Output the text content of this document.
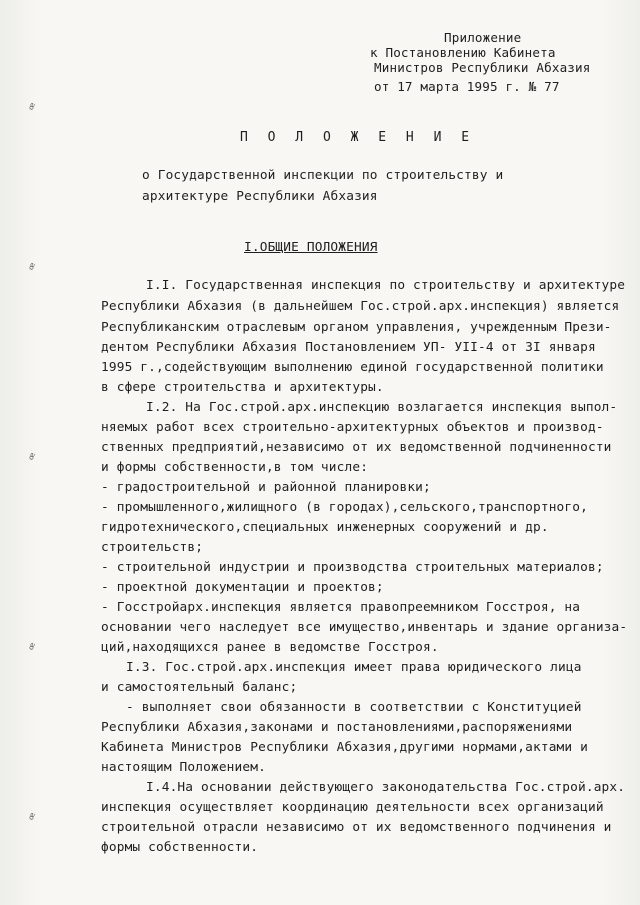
Приложение
к Постановлению Кабинета
Министров Республики Абхазия
от 17 марта 1995 г. № 77
П О Л О Ж Е Н И Е
о Государственной инспекции по строительству и
архитектуре Республики Абхазия
I.ОБЩИЕ ПОЛОЖЕНИЯ
I.I. Государственная инспекция по строительству и архитектуре
Республики Абхазия (в дальнейшем Гос.строй.арх.инспекция) является
Республиканским отраслевым органом управления, учрежденным Прези-
дентом Республики Абхазия Постановлением УП- УII-4 от 3I января
1995 г.,содействующим выполнению единой государственной политики
в сфере строительства и архитектуры.
I.2. На Гос.строй.арх.инспекцию возлагается инспекция выпол-
няемых работ всех строительно-архитектурных объектов и производ-
ственных предприятий,независимо от их ведомственной подчиненности
и формы собственности,в том числе:
- градостроительной и районной планировки;
- промышленного,жилищного (в городах),сельского,транспортного,
гидротехнического,специальных инженерных сооружений и др.
строительств;
- строительной индустрии и производства строительных материалов;
- проектной документации и проектов;
- Госстройарх.инспекция является правопреемником Госстроя, на
основании чего наследует все имущество,инвентарь и здание организа-
ций,находящихся ранее в ведомстве Госстроя.
I.3. Гос.строй.арх.инспекция имеет права юридического лица
и самостоятельный баланс;
- выполняет свои обязанности в соответствии с Конституцией
Республики Абхазия,законами и постановлениями,распоряжениями
Кабинета Министров Республики Абхазия,другими нормами,актами и
настоящим Положением.
I.4.На основании действующего законодательства Гос.строй.арх.
инспекция осуществляет координацию деятельности всех организаций
строительной отрасли независимо от их ведомственного подчинения и
формы собственности.
ꟹ
ꟹ
ꟹ
ꟹ
ꟹ
